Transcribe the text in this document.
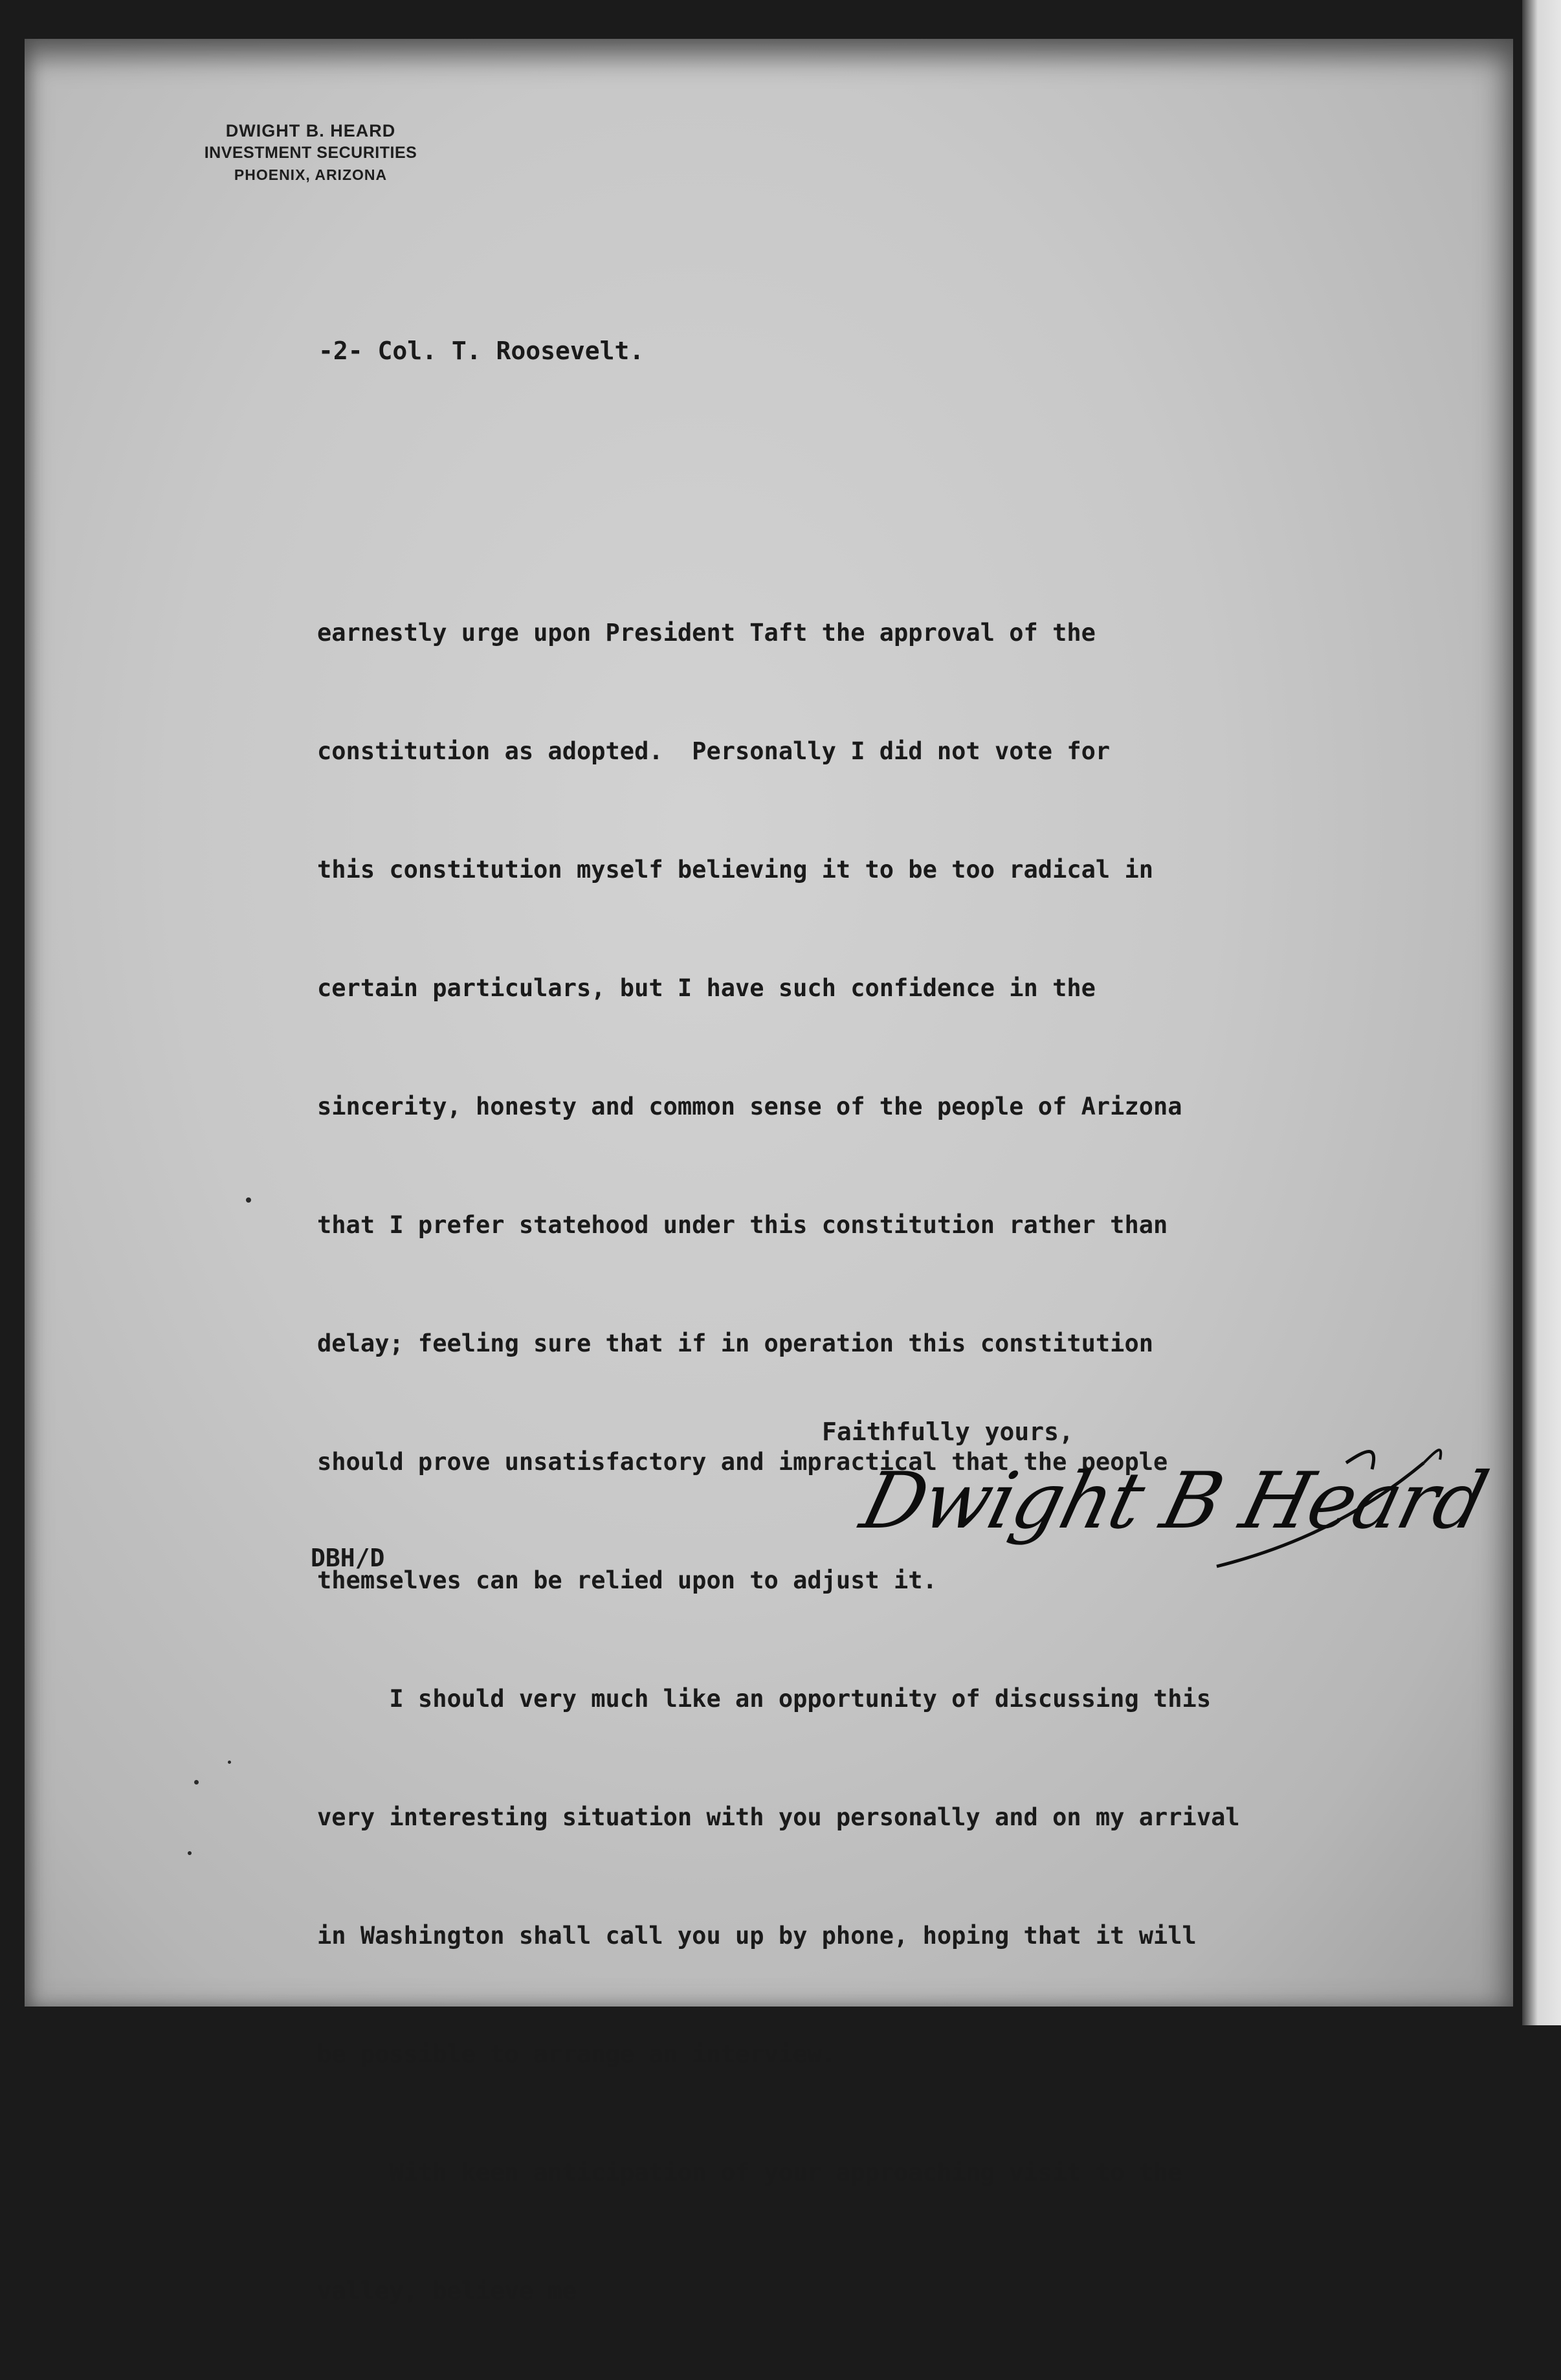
DWIGHT B. HEARD
INVESTMENT SECURITIES
PHOENIX, ARIZONA
-2- Col. T. Roosevelt.

earnestly urge upon President Taft the approval of the

constitution as adopted.  Personally I did not vote for

this constitution myself believing it to be too radical in

certain particulars, but I have such confidence in the

sincerity, honesty and common sense of the people of Arizona

that I prefer statehood under this constitution rather than

delay; feeling sure that if in operation this constitution

should prove unsatisfactory and impractical that the people

themselves can be relied upon to adjust it.

I should very much like an opportunity of discussing this

very interesting situation with you personally and on my arrival

in Washington shall call you up by phone, hoping that it will

be possible to arrange an interview.

With keen anticipation of your approaching visit to the

valley, believe me

Faithfully yours,
Dwight B Heard
DBH/D
